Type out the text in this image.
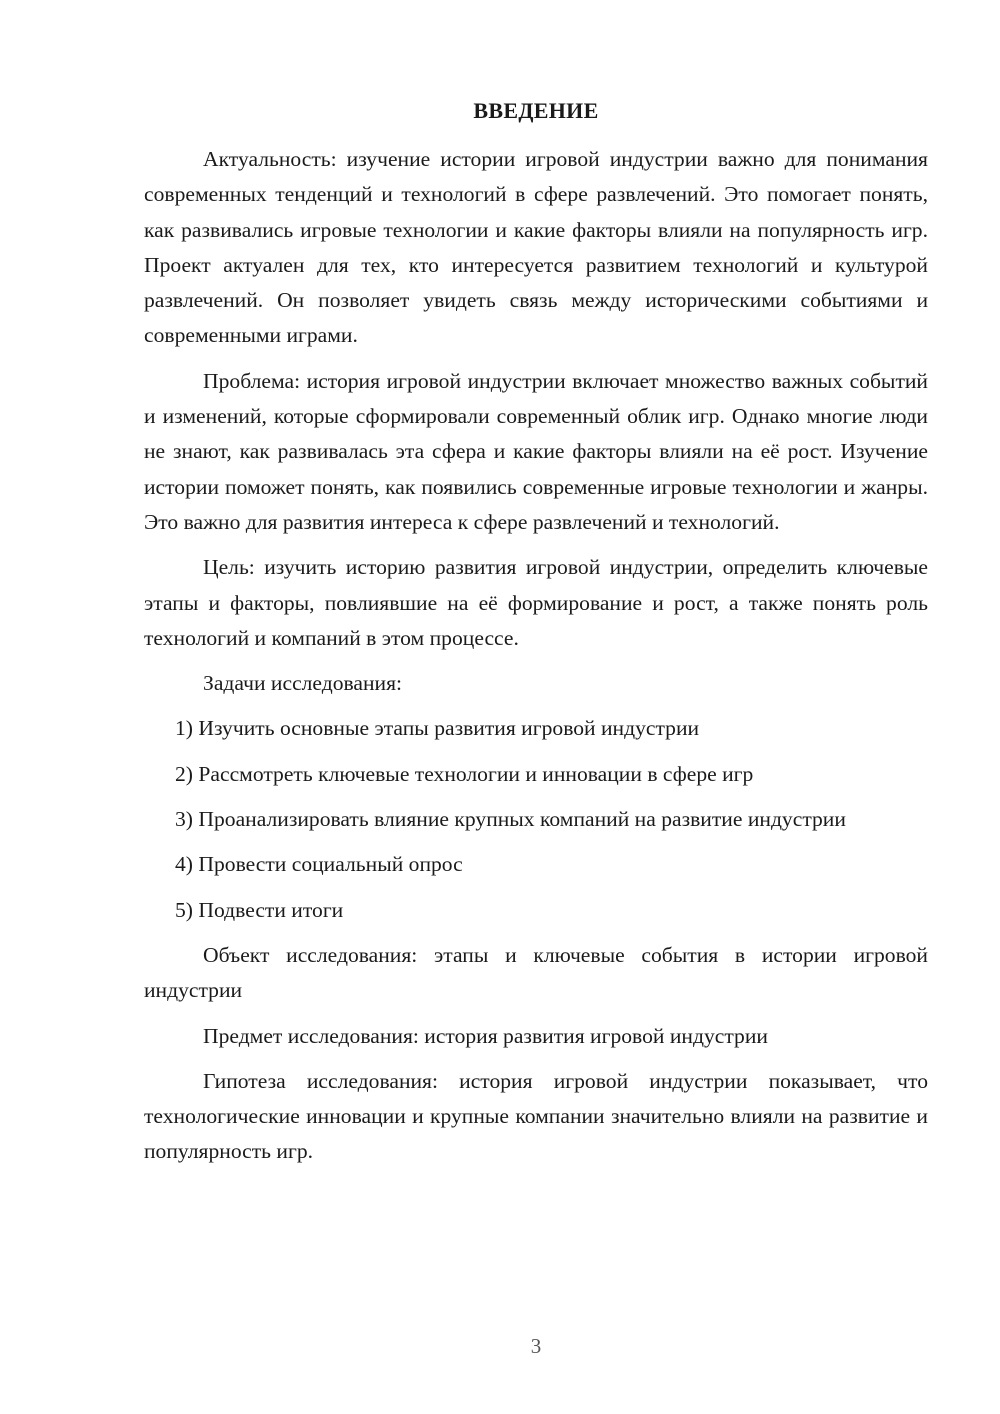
ВВЕДЕНИЕ

Актуальность: изучение истории игровой индустрии важно для понимания современных тенденций и технологий в сфере развлечений. Это помогает понять, как развивались игровые технологии и какие факторы влияли на популярность игр. Проект актуален для тех, кто интересуется развитием технологий и культурой развлечений. Он позволяет увидеть связь между историческими событиями и современными играми.

Проблема: история игровой индустрии включает множество важных событий и изменений, которые сформировали современный облик игр. Однако многие люди не знают, как развивалась эта сфера и какие факторы влияли на её рост. Изучение истории поможет понять, как появились современные игровые технологии и жанры. Это важно для развития интереса к сфере развлечений и технологий.

Цель: изучить историю развития игровой индустрии, определить ключевые этапы и факторы, повлиявшие на её формирование и рост, а также понять роль технологий и компаний в этом процессе.

Задачи исследования:

1) Изучить основные этапы развития игровой индустрии

2) Рассмотреть ключевые технологии и инновации в сфере игр

3) Проанализировать влияние крупных компаний на развитие индустрии

4) Провести социальный опрос

5) Подвести итоги

Объект исследования: этапы и ключевые события в истории игровой индустрии

Предмет исследования: история развития игровой индустрии

Гипотеза исследования: история игровой индустрии показывает, что технологические инновации и крупные компании значительно влияли на развитие и популярность игр.

3
